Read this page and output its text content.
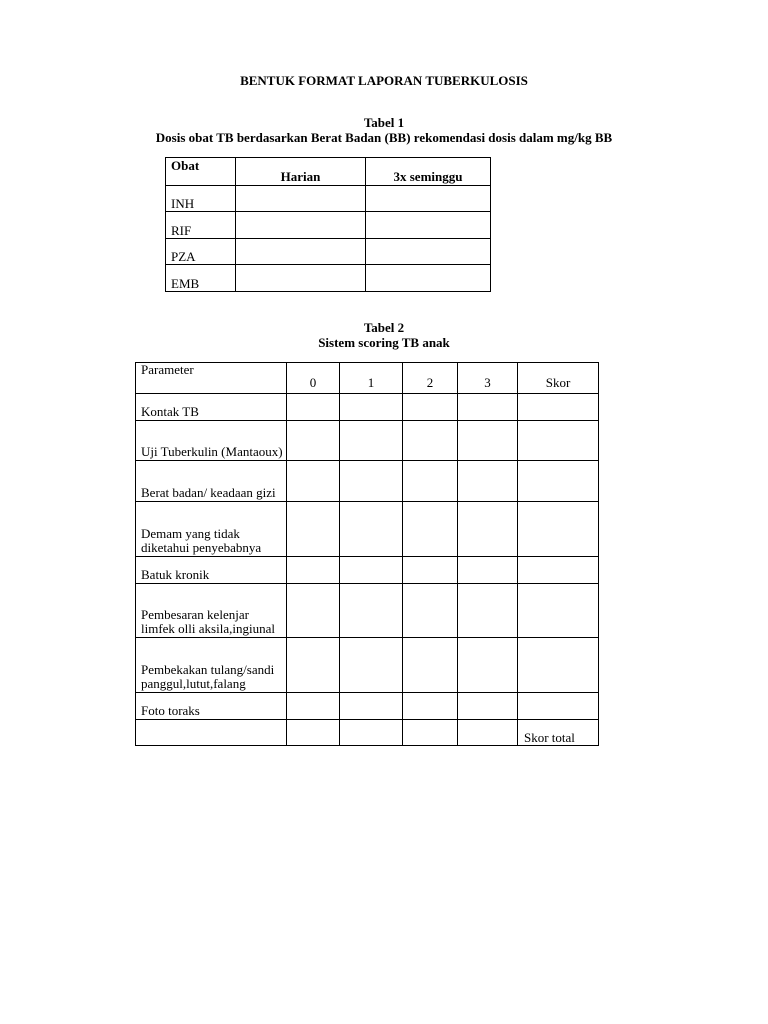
BENTUK FORMAT LAPORAN TUBERKULOSIS
Tabel 1
Dosis obat TB berdasarkan Berat Badan (BB) rekomendasi dosis dalam mg/kg BB
Obat	Harian	3x seminggu
INH		
RIF		
PZA		
EMB		
Tabel 2
Sistem scoring TB anak
Parameter	0	1	2	3	Skor
Kontak TB					
Uji Tuberkulin (Mantaoux)					
Berat badan/ keadaan gizi					
Demam yang tidak diketahui penyebabnya					
Batuk kronik					
Pembesaran kelenjar limfek olli aksila,ingiunal					
Pembekakan tulang/sandi panggul,lutut,falang					
Foto toraks					
					Skor total
